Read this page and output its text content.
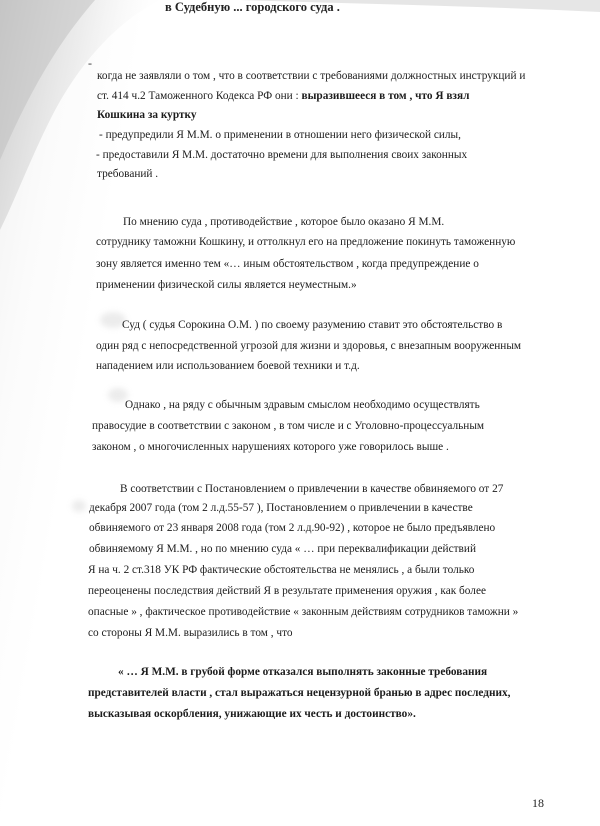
в Судебную ... городского суда .
-
когда не заявляли о том , что в соответствии с требованиями должностных инструкций и
ст. 414 ч.2 Таможенного Кодекса РФ они : выразившееся в том , что Я взял
Кошкина за куртку
- предупредили Я М.М. о применении в отношении него физической силы,
- предоставили Я М.М. достаточно времени для выполнения своих законных
требований .
По мнению суда , противодействие , которое было оказано Я М.М.
сотруднику таможни Кошкину, и оттолкнул его на предложение покинуть таможенную
зону является именно тем «… иным обстоятельством , когда предупреждение о
применении физической силы является неуместным.»
Суд ( судья Сорокина О.М. ) по своему разумению ставит это обстоятельство в
один ряд с непосредственной угрозой для жизни и здоровья, с внезапным вооруженным
нападением или использованием боевой техники и т.д.
Однако , на ряду с обычным здравым смыслом необходимо осуществлять
правосудие в соответствии с законом , в том числе и с Уголовно-процессуальным
законом , о многочисленных нарушениях которого уже говорилось выше .
В соответствии с Постановлением о привлечении в качестве обвиняемого от 27
декабря 2007 года (том 2 л.д.55-57 ), Постановлением о привлечении в качестве
обвиняемого от 23 января 2008 года (том 2 л.д.90-92) , которое не было предъявлено
обвиняемому Я М.М. , но по мнению суда « … при переквалификации действий
Я на ч. 2 ст.318 УК РФ фактические обстоятельства не менялись , а были только
переоценены последствия действий Я в результате применения оружия , как более
опасные » , фактическое противодействие « законным действиям сотрудников таможни »
со стороны Я М.М. выразились в том , что
« … Я М.М. в грубой форме отказался выполнять законные требования
представителей власти , стал выражаться нецензурной бранью в адрес последних,
высказывая оскорбления, унижающие их честь и достоинство».
18
